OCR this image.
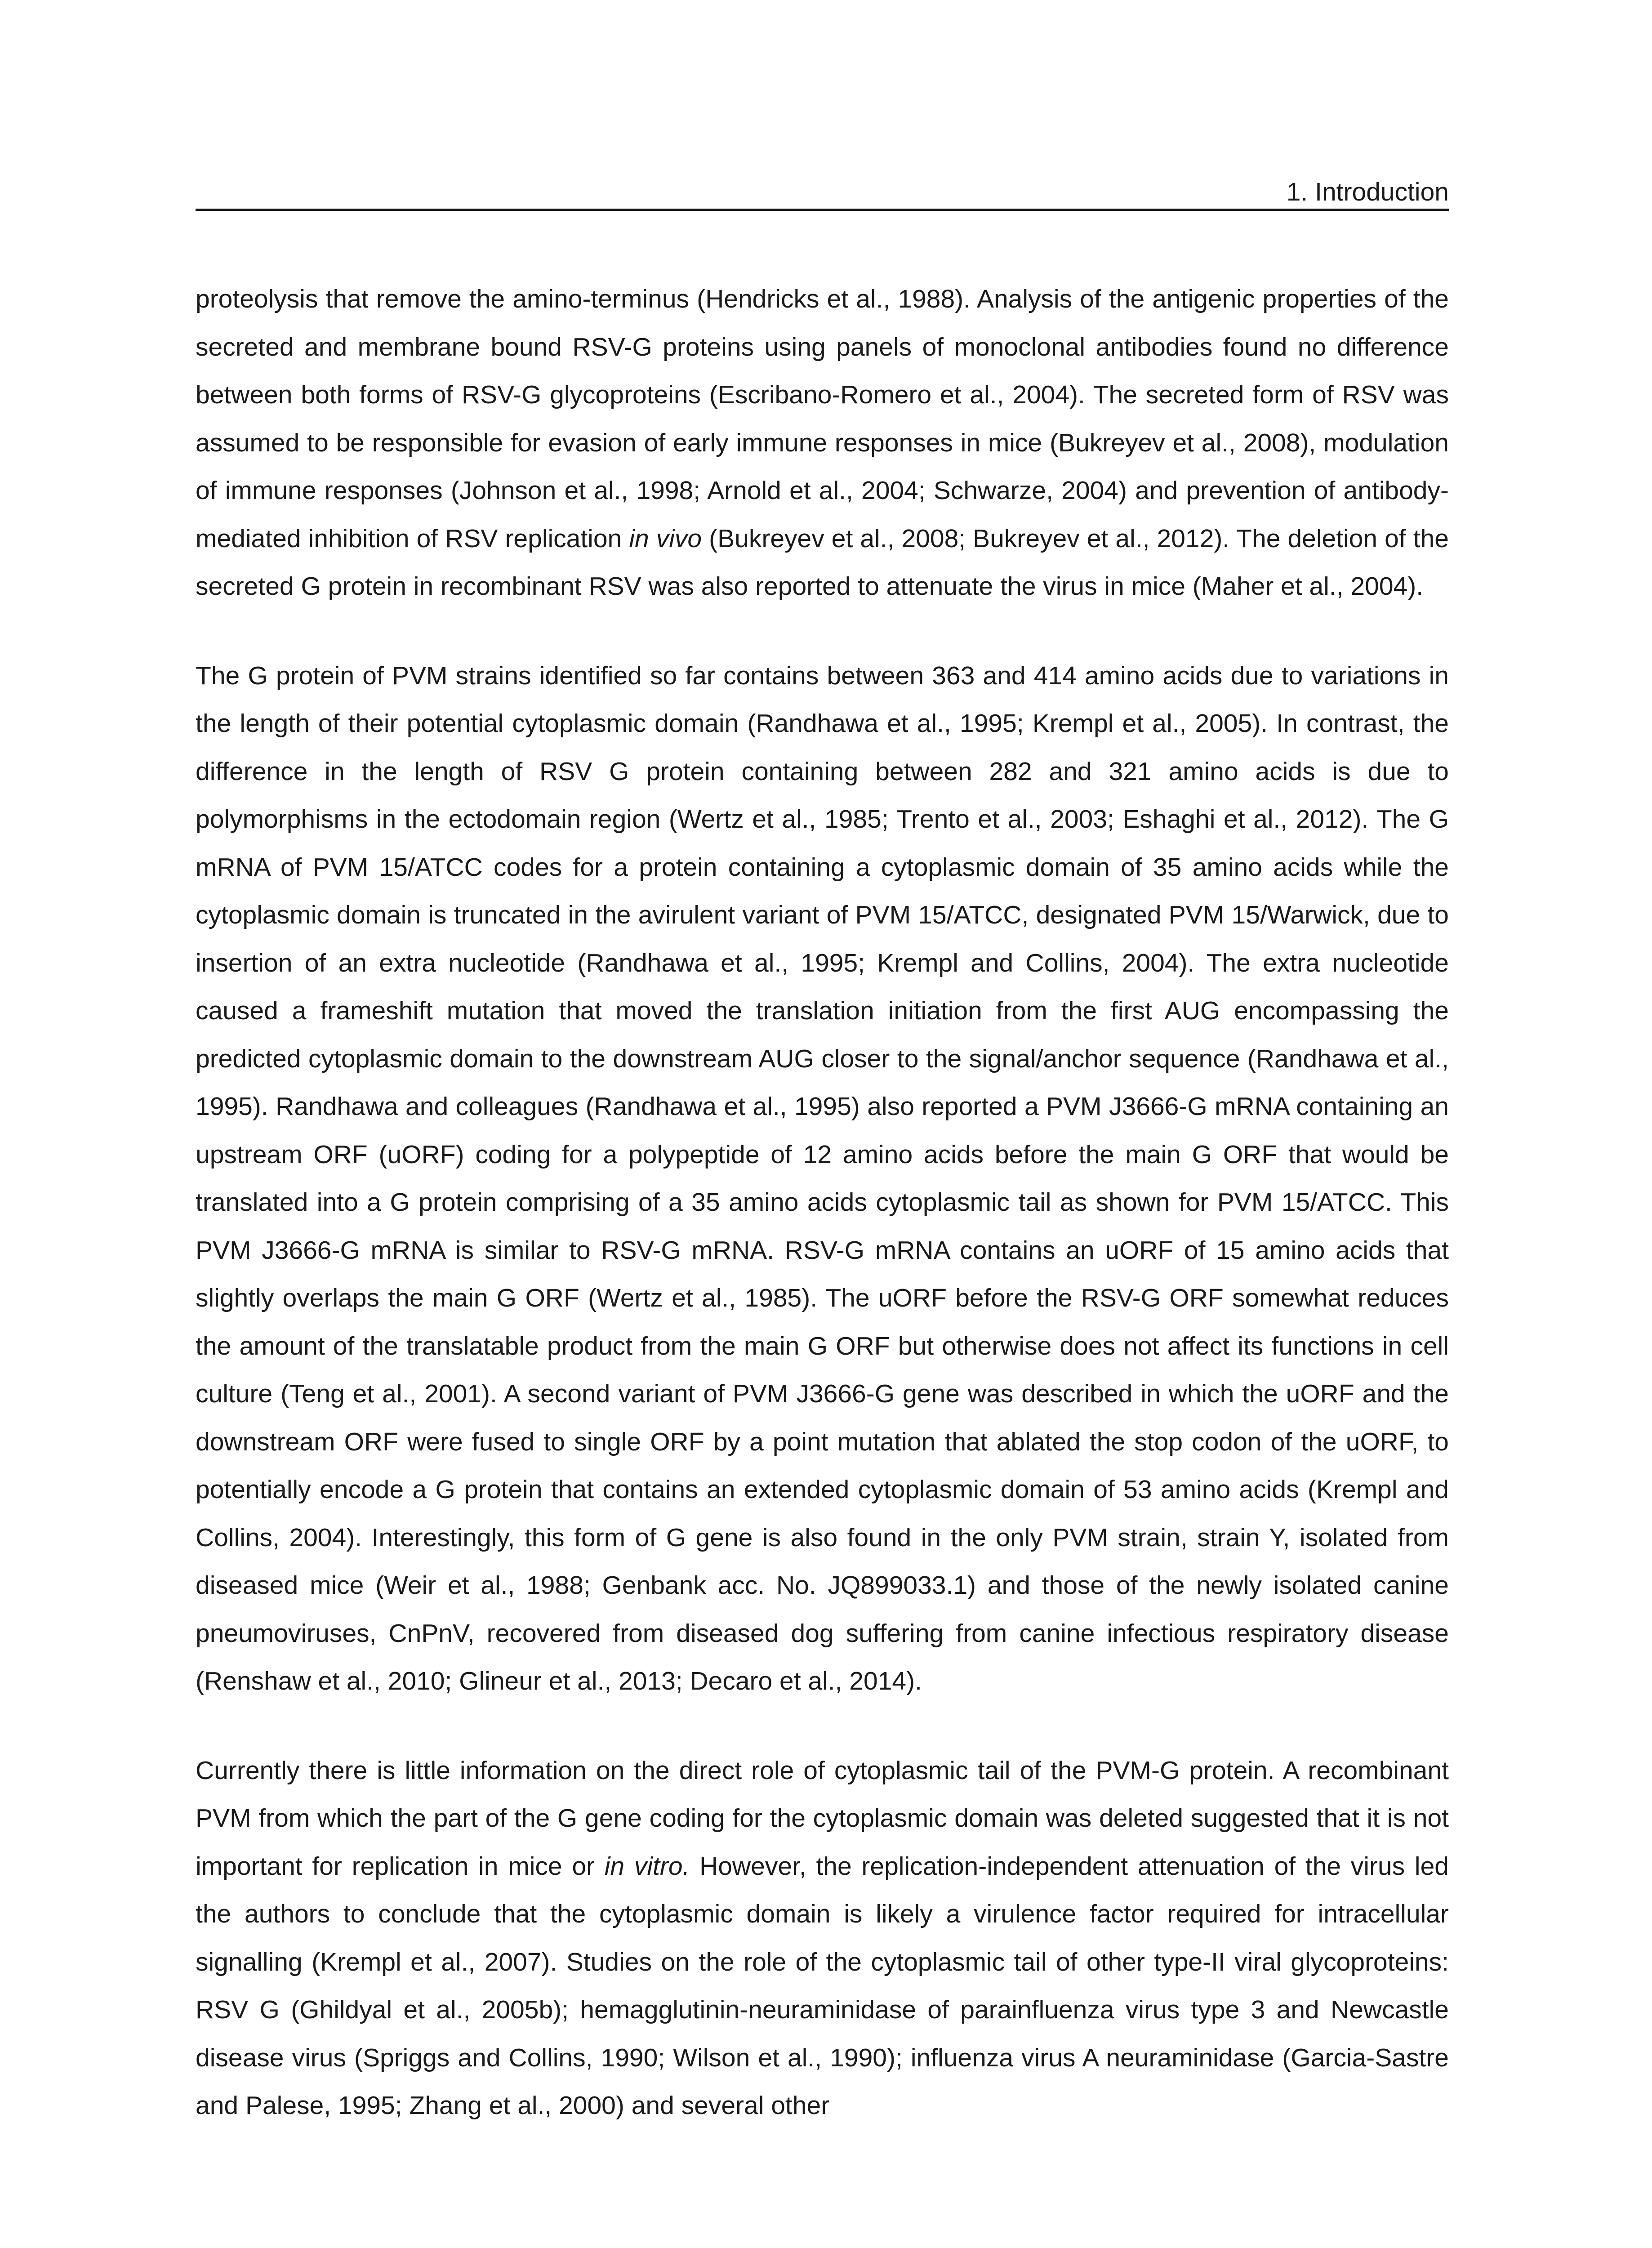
1. Introduction

proteolysis that remove the amino-terminus (Hendricks et al., 1988). Analysis of the antigenic properties of the secreted and membrane bound RSV-G proteins using panels of monoclonal antibodies found no difference between both forms of RSV-G glycoproteins (Escribano-Romero et al., 2004). The secreted form of RSV was assumed to be responsible for evasion of early immune responses in mice (Bukreyev et al., 2008), modulation of immune responses (Johnson et al., 1998; Arnold et al., 2004; Schwarze, 2004) and prevention of antibody-mediated inhibition of RSV replication in vivo (Bukreyev et al., 2008; Bukreyev et al., 2012). The deletion of the secreted G protein in recombinant RSV was also reported to attenuate the virus in mice (Maher et al., 2004).

The G protein of PVM strains identified so far contains between 363 and 414 amino acids due to variations in the length of their potential cytoplasmic domain (Randhawa et al., 1995; Krempl et al., 2005). In contrast, the difference in the length of RSV G protein containing between 282 and 321 amino acids is due to polymorphisms in the ectodomain region (Wertz et al., 1985; Trento et al., 2003; Eshaghi et al., 2012). The G mRNA of PVM 15/ATCC codes for a protein containing a cytoplasmic domain of 35 amino acids while the cytoplasmic domain is truncated in the avirulent variant of PVM 15/ATCC, designated PVM 15/Warwick, due to insertion of an extra nucleotide (Randhawa et al., 1995; Krempl and Collins, 2004). The extra nucleotide caused a frameshift mutation that moved the translation initiation from the first AUG encompassing the predicted cytoplasmic domain to the downstream AUG closer to the signal/anchor sequence (Randhawa et al., 1995). Randhawa and colleagues (Randhawa et al., 1995) also reported a PVM J3666-G mRNA containing an upstream ORF (uORF) coding for a polypeptide of 12 amino acids before the main G ORF that would be translated into a G protein comprising of a 35 amino acids cytoplasmic tail as shown for PVM 15/ATCC. This PVM J3666-G mRNA is similar to RSV-G mRNA. RSV-G mRNA contains an uORF of 15 amino acids that slightly overlaps the main G ORF (Wertz et al., 1985). The uORF before the RSV-G ORF somewhat reduces the amount of the translatable product from the main G ORF but otherwise does not affect its functions in cell culture (Teng et al., 2001). A second variant of PVM J3666-G gene was described in which the uORF and the downstream ORF were fused to single ORF by a point mutation that ablated the stop codon of the uORF, to potentially encode a G protein that contains an extended cytoplasmic domain of 53 amino acids (Krempl and Collins, 2004). Interestingly, this form of G gene is also found in the only PVM strain, strain Y, isolated from diseased mice (Weir et al., 1988; Genbank acc. No. JQ899033.1) and those of the newly isolated canine pneumoviruses, CnPnV, recovered from diseased dog suffering from canine infectious respiratory disease (Renshaw et al., 2010; Glineur et al., 2013; Decaro et al., 2014).

Currently there is little information on the direct role of cytoplasmic tail of the PVM-G protein. A recombinant PVM from which the part of the G gene coding for the cytoplasmic domain was deleted suggested that it is not important for replication in mice or in vitro. However, the replication-independent attenuation of the virus led the authors to conclude that the cytoplasmic domain is likely a virulence factor required for intracellular signalling (Krempl et al., 2007). Studies on the role of the cytoplasmic tail of other type-II viral glycoproteins: RSV G (Ghildyal et al., 2005b); hemagglutinin-neuraminidase of parainfluenza virus type 3 and Newcastle disease virus (Spriggs and Collins, 1990; Wilson et al., 1990); influenza virus A neuraminidase (Garcia-Sastre and Palese, 1995; Zhang et al., 2000) and several other
